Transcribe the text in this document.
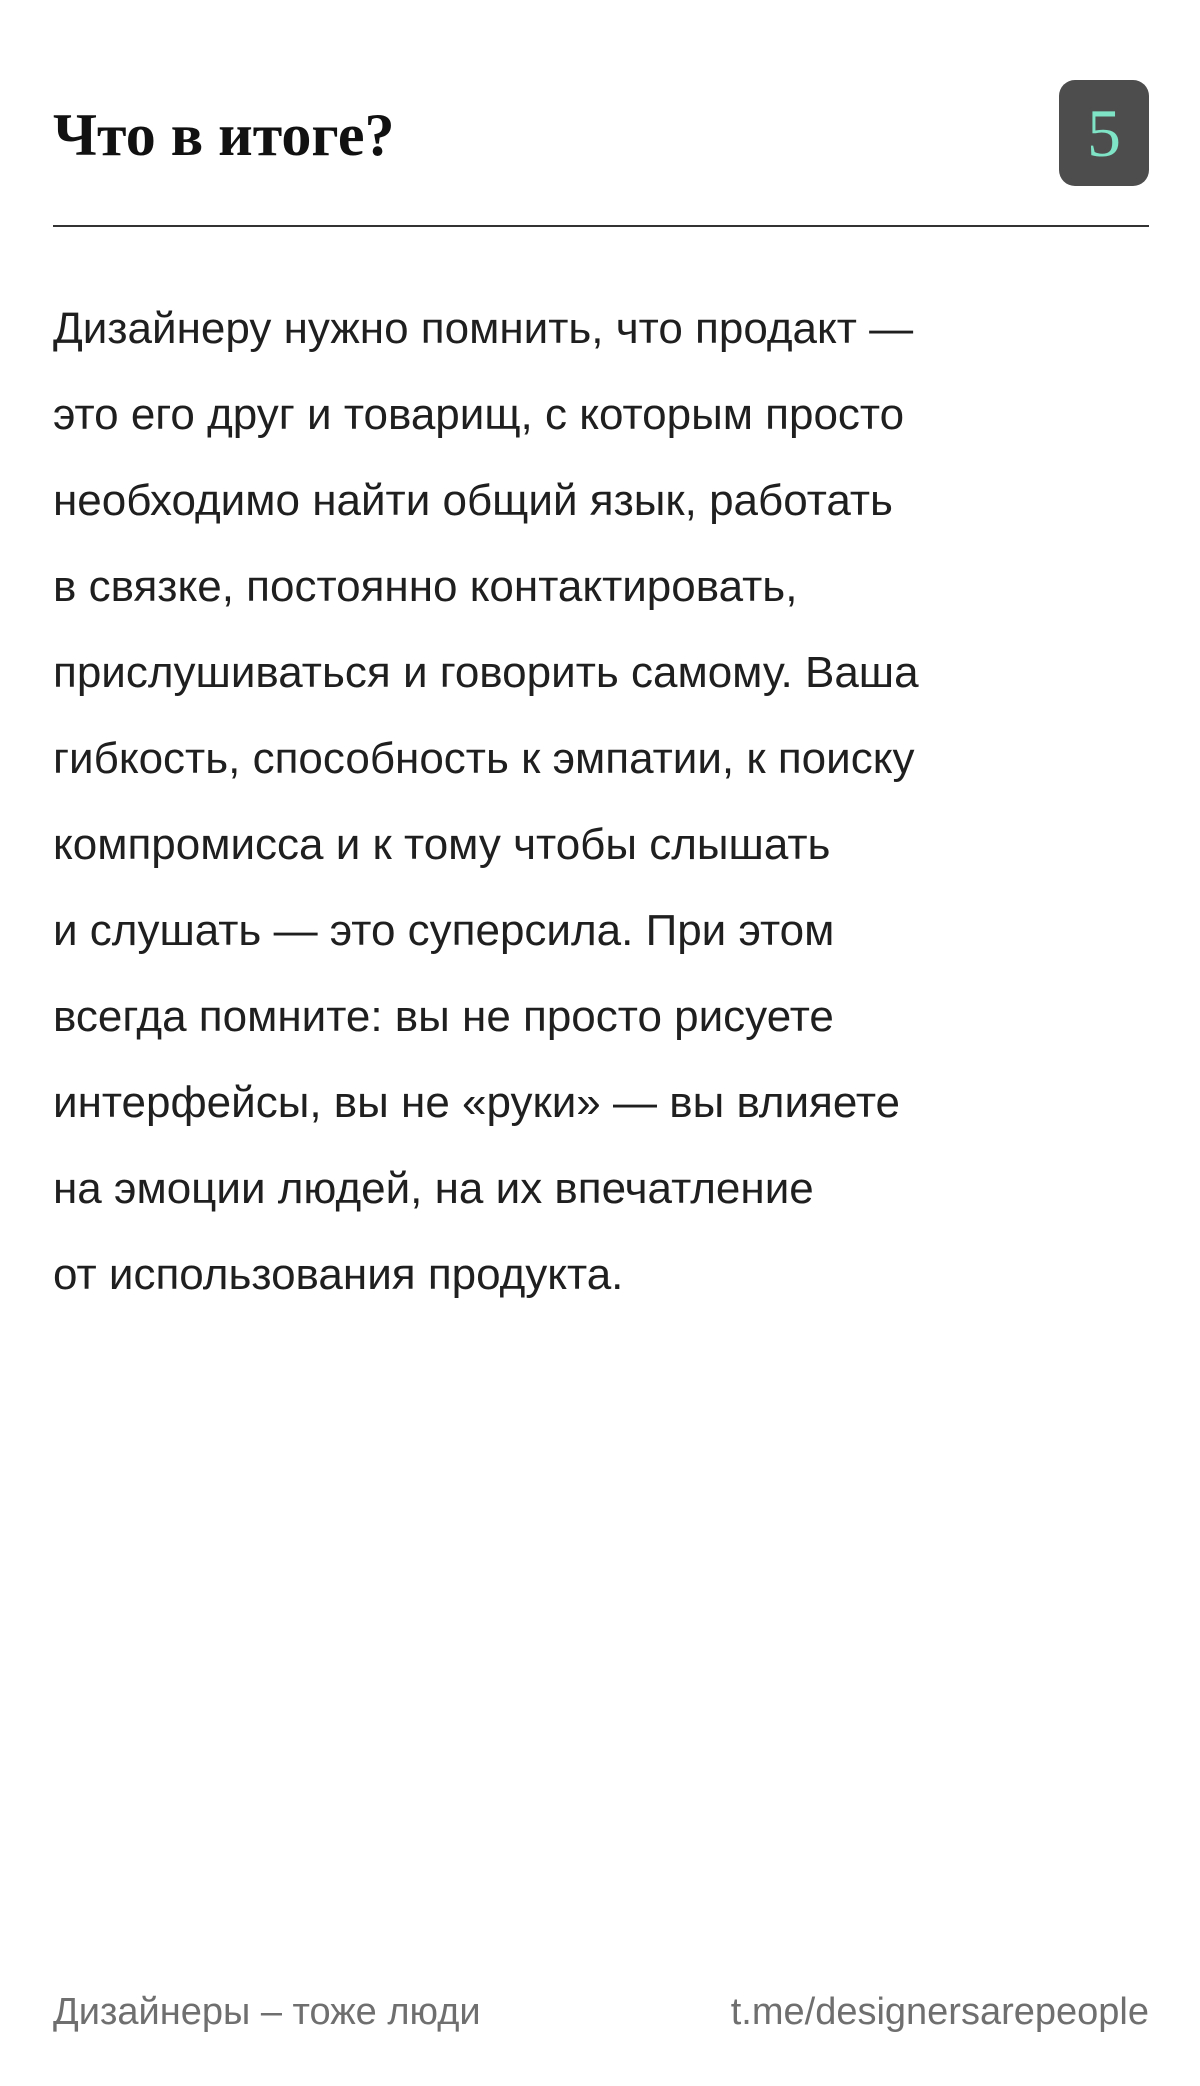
Что в итоге?	5

Дизайнеру нужно помнить, что продакт —
это его друг и товарищ, с которым просто
необходимо найти общий язык, работать
в связке, постоянно контактировать,
прислушиваться и говорить самому. Ваша
гибкость, способность к эмпатии, к поиску
компромисса и к тому чтобы слышать
и слушать — это суперсила. При этом
всегда помните: вы не просто рисуете
интерфейсы, вы не «руки» — вы влияете
на эмоции людей, на их впечатление
от использования продукта.

Дизайнеры – тоже люди	t.me/designersarepeople
